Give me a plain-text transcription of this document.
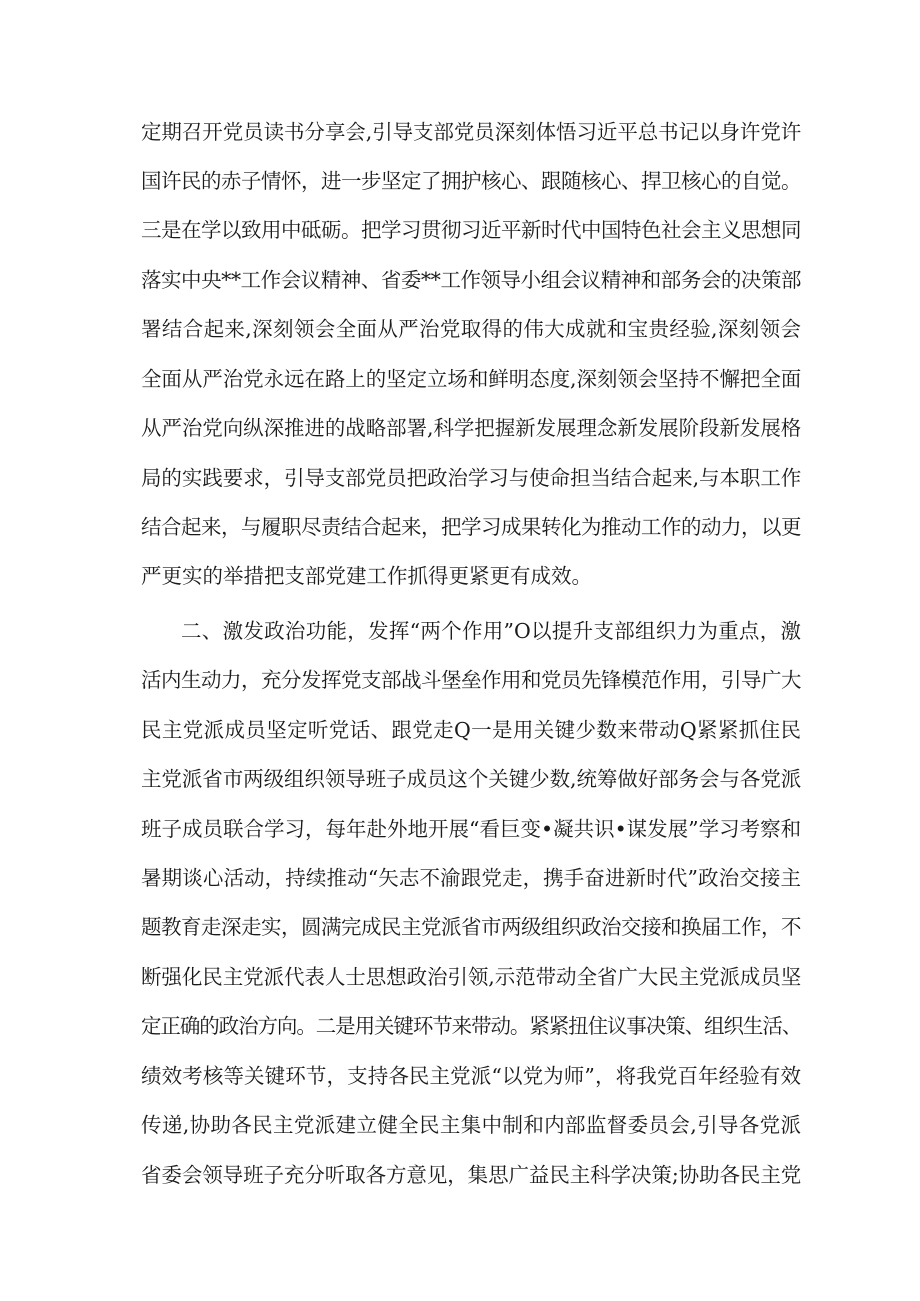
定期召开党员读书分享会,引导支部党员深刻体悟习近平总书记以身许党许
国许民的赤子情怀，进一步坚定了拥护核心、跟随核心、捍卫核心的自觉。
三是在学以致用中砥砺。把学习贯彻习近平新时代中国特色社会主义思想同
落实中央**工作会议精神、省委**工作领导小组会议精神和部务会的决策部
署结合起来,深刻领会全面从严治党取得的伟大成就和宝贵经验,深刻领会
全面从严治党永远在路上的坚定立场和鲜明态度,深刻领会坚持不懈把全面
从严治党向纵深推进的战略部署,科学把握新发展理念新发展阶段新发展格
局的实践要求，引导支部党员把政治学习与使命担当结合起来,与本职工作
结合起来，与履职尽责结合起来，把学习成果转化为推动工作的动力，以更
严更实的举措把支部党建工作抓得更紧更有成效。
二、激发政治功能，发挥“两个作用”O以提升支部组织力为重点，激
活内生动力，充分发挥党支部战斗堡垒作用和党员先锋模范作用，引导广大
民主党派成员坚定听党话、跟党走Q一是用关键少数来带动Q紧紧抓住民
主党派省市两级组织领导班子成员这个关键少数,统筹做好部务会与各党派
班子成员联合学习，每年赴外地开展“看巨变•凝共识•谋发展”学习考察和
暑期谈心活动，持续推动“矢志不渝跟党走，携手奋进新时代”政治交接主
题教育走深走实，圆满完成民主党派省市两级组织政治交接和换届工作，不
断强化民主党派代表人士思想政治引领,示范带动全省广大民主党派成员坚
定正确的政治方向。二是用关键环节来带动。紧紧扭住议事决策、组织生活、
绩效考核等关键环节，支持各民主党派“以党为师”，将我党百年经验有效
传递,协助各民主党派建立健全民主集中制和内部监督委员会,引导各党派
省委会领导班子充分听取各方意见，集思广益民主科学决策;协助各民主党
